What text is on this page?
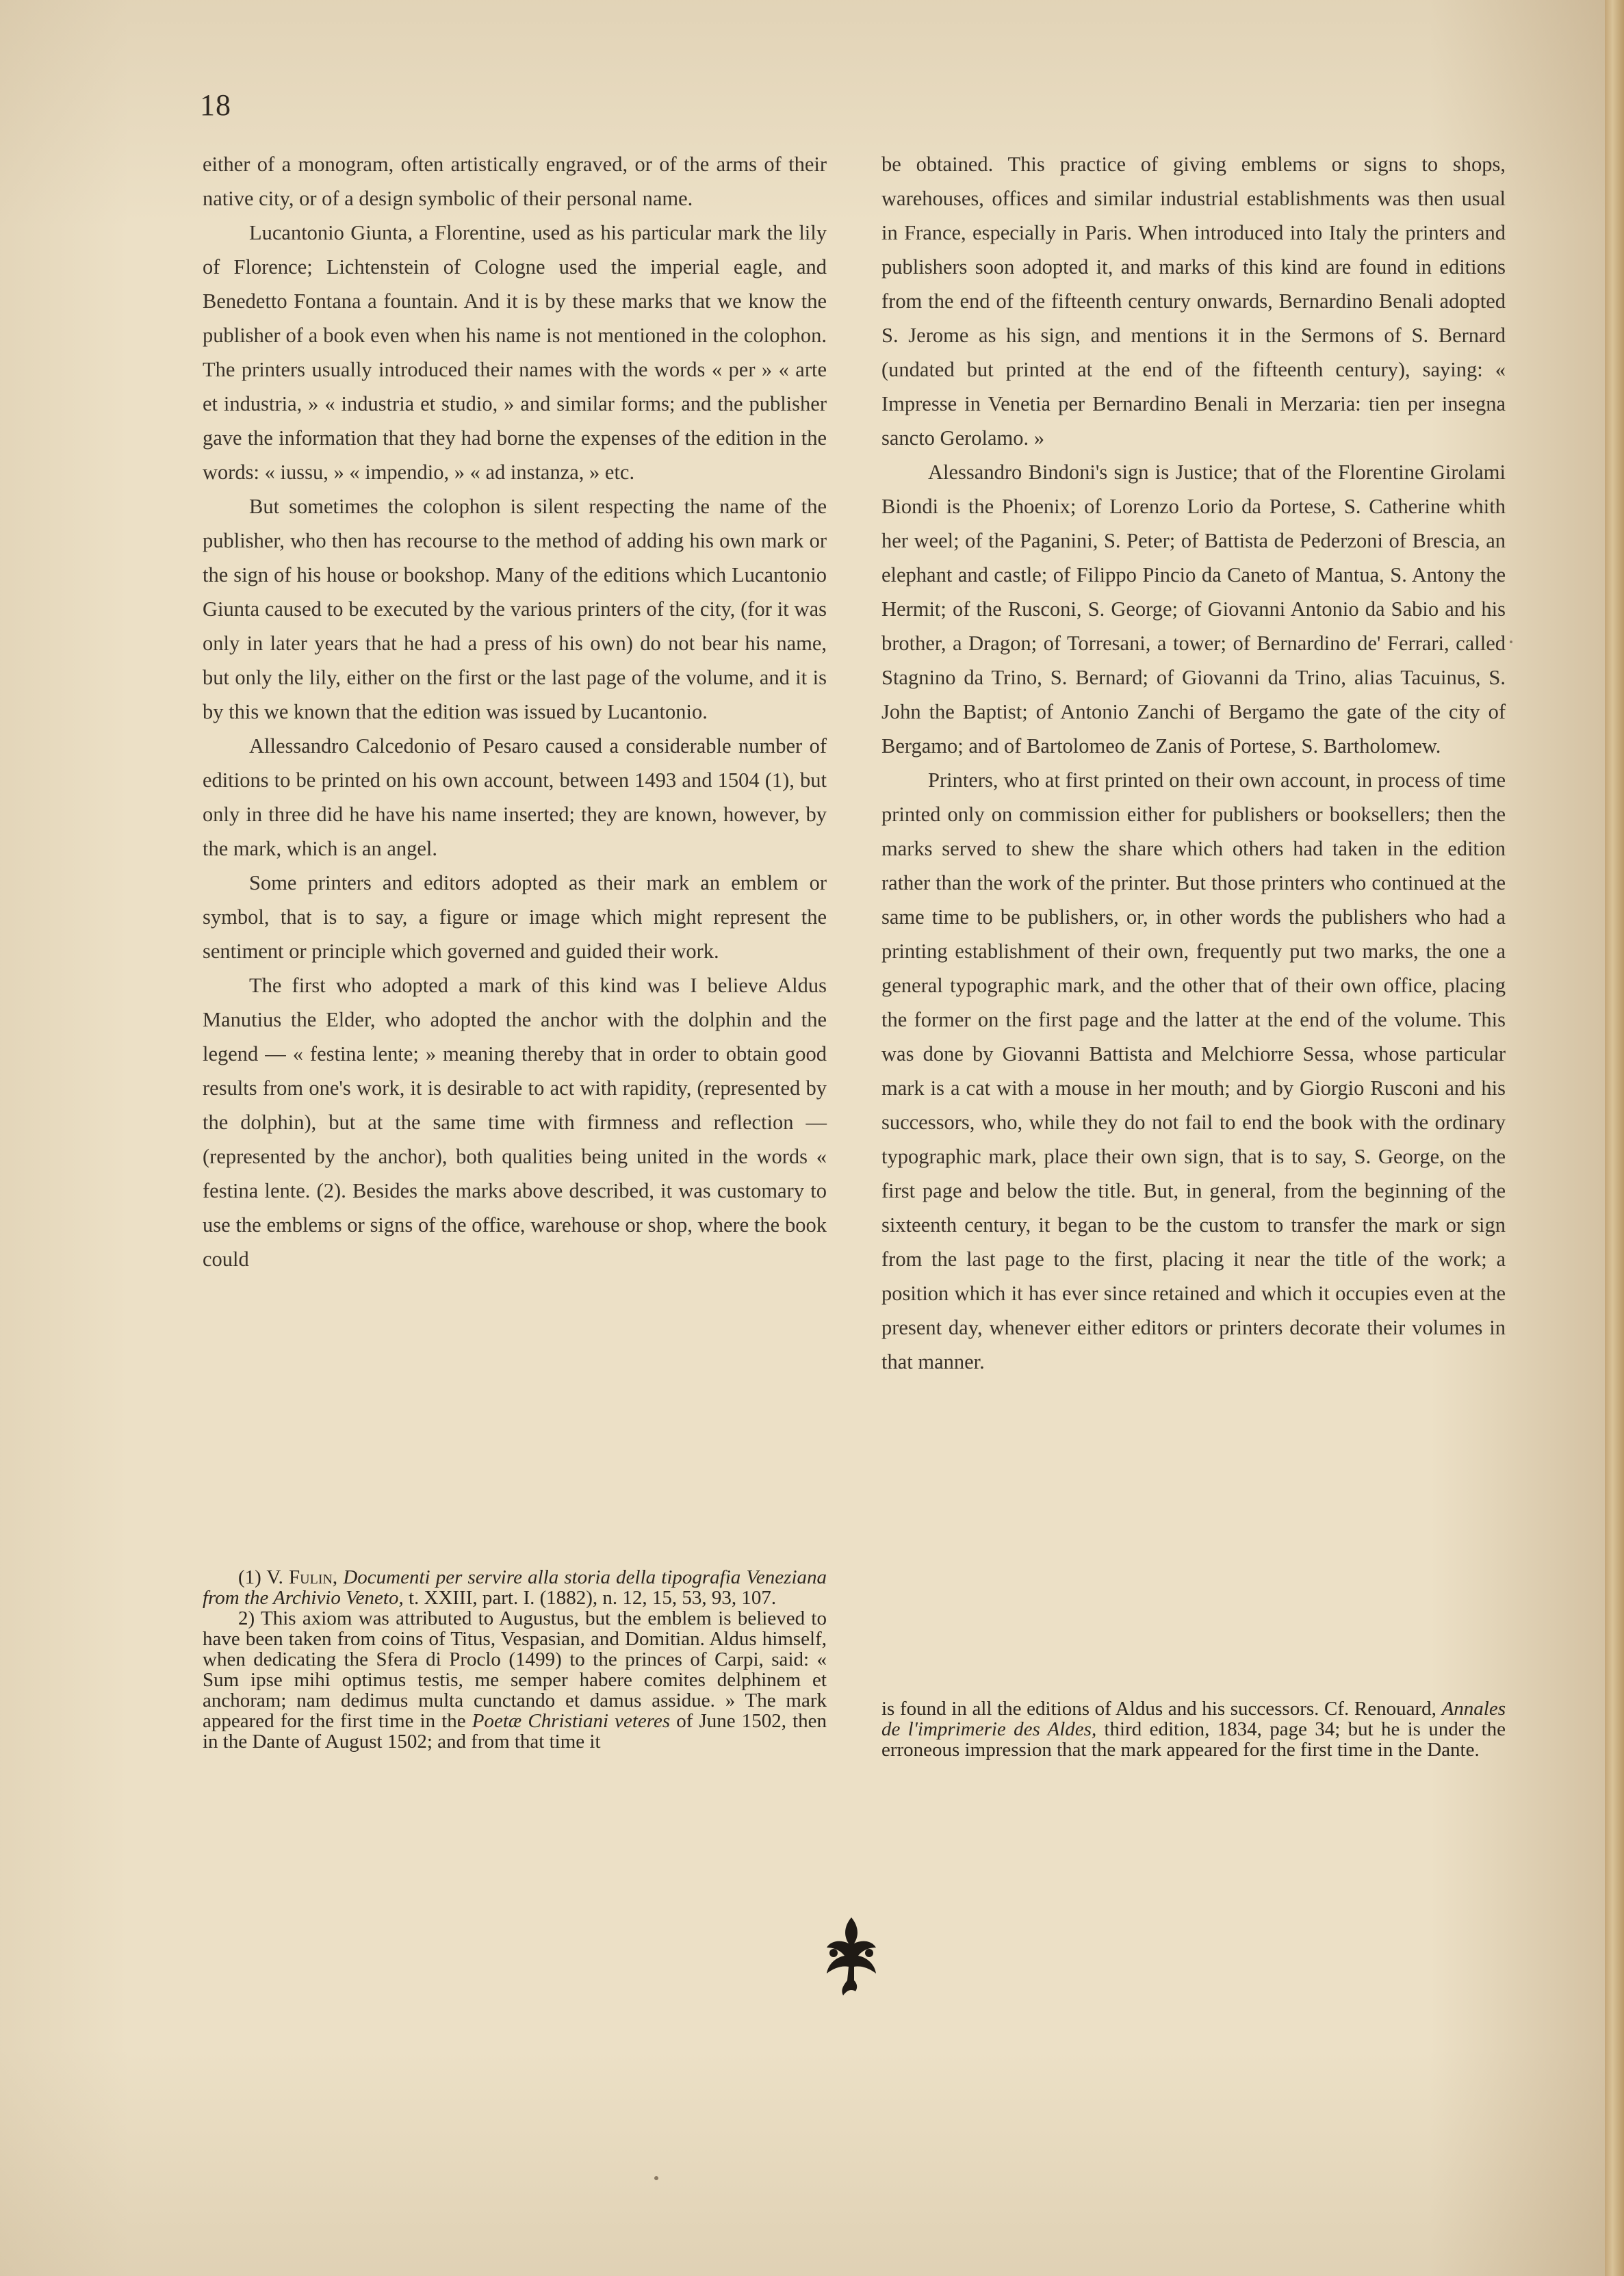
18

either of a monogram, often artistically engraved, or of the arms of their native city, or of a design symbolic of their personal name.

Lucantonio Giunta, a Florentine, used as his particular mark the lily of Florence; Lichtenstein of Cologne used the imperial eagle, and Benedetto Fontana a fountain. And it is by these marks that we know the publisher of a book even when his name is not mentioned in the colophon. The printers usually introduced their names with the words « per » « arte et industria, » « industria et studio, » and similar forms; and the publisher gave the information that they had borne the expenses of the edition in the words: « iussu, » « impendio, » « ad instanza, » etc.

But sometimes the colophon is silent respecting the name of the publisher, who then has recourse to the method of adding his own mark or the sign of his house or bookshop. Many of the editions which Lucantonio Giunta caused to be executed by the various printers of the city, (for it was only in later years that he had a press of his own) do not bear his name, but only the lily, either on the first or the last page of the volume, and it is by this we known that the edition was issued by Lucantonio.

Allessandro Calcedonio of Pesaro caused a considerable number of editions to be printed on his own account, between 1493 and 1504 (1), but only in three did he have his name inserted; they are known, however, by the mark, which is an angel.

Some printers and editors adopted as their mark an emblem or symbol, that is to say, a figure or image which might represent the sentiment or principle which governed and guided their work.

The first who adopted a mark of this kind was I believe Aldus Manutius the Elder, who adopted the anchor with the dolphin and the legend — « festina lente; » meaning thereby that in order to obtain good results from one's work, it is desirable to act with rapidity, (represented by the dolphin), but at the same time with firmness and reflection — (represented by the anchor), both qualities being united in the words « festina lente. (2). Besides the marks above described, it was customary to use the emblems or signs of the office, warehouse or shop, where the book could

be obtained. This practice of giving emblems or signs to shops, warehouses, offices and similar industrial establishments was then usual in France, especially in Paris. When introduced into Italy the printers and publishers soon adopted it, and marks of this kind are found in editions from the end of the fifteenth century onwards, Bernardino Benali adopted S. Jerome as his sign, and mentions it in the Sermons of S. Bernard (undated but printed at the end of the fifteenth century), saying: « Impresse in Venetia per Bernardino Benali in Merzaria: tien per insegna sancto Gerolamo. »

Alessandro Bindoni's sign is Justice; that of the Florentine Girolami Biondi is the Phoenix; of Lorenzo Lorio da Portese, S. Catherine whith her weel; of the Paganini, S. Peter; of Battista de Pederzoni of Brescia, an elephant and castle; of Filippo Pincio da Caneto of Mantua, S. Antony the Hermit; of the Rusconi, S. George; of Giovanni Antonio da Sabio and his brother, a Dragon; of Torresani, a tower; of Bernardino de' Ferrari, called Stagnino da Trino, S. Bernard; of Giovanni da Trino, alias Tacuinus, S. John the Baptist; of Antonio Zanchi of Bergamo the gate of the city of Bergamo; and of Bartolomeo de Zanis of Portese, S. Bartholomew.

Printers, who at first printed on their own account, in process of time printed only on commission either for publishers or booksellers; then the marks served to shew the share which others had taken in the edition rather than the work of the printer. But those printers who continued at the same time to be publishers, or, in other words the publishers who had a printing establishment of their own, frequently put two marks, the one a general typographic mark, and the other that of their own office, placing the former on the first page and the latter at the end of the volume. This was done by Giovanni Battista and Melchiorre Sessa, whose particular mark is a cat with a mouse in her mouth; and by Giorgio Rusconi and his successors, who, while they do not fail to end the book with the ordinary typographic mark, place their own sign, that is to say, S. George, on the first page and below the title. But, in general, from the beginning of the sixteenth century, it began to be the custom to transfer the mark or sign from the last page to the first, placing it near the title of the work; a position which it has ever since retained and which it occupies even at the present day, whenever either editors or printers decorate their volumes in that manner.

(1) V. Fulin, Documenti per servire alla storia della tipografia Veneziana from the Archivio Veneto, t. XXIII, part. I. (1882), n. 12, 15, 53, 93, 107.

2) This axiom was attributed to Augustus, but the emblem is believed to have been taken from coins of Titus, Vespasian, and Domitian. Aldus himself, when dedicating the Sfera di Proclo (1499) to the princes of Carpi, said: « Sum ipse mihi optimus testis, me semper habere comites delphinem et anchoram; nam dedimus multa cunctando et damus assidue. » The mark appeared for the first time in the Poetæ Christiani veteres of June 1502, then in the Dante of August 1502; and from that time it

is found in all the editions of Aldus and his successors. Cf. Renouard, Annales de l'imprimerie des Aldes, third edition, 1834, page 34; but he is under the erroneous impression that the mark appeared for the first time in the Dante.
